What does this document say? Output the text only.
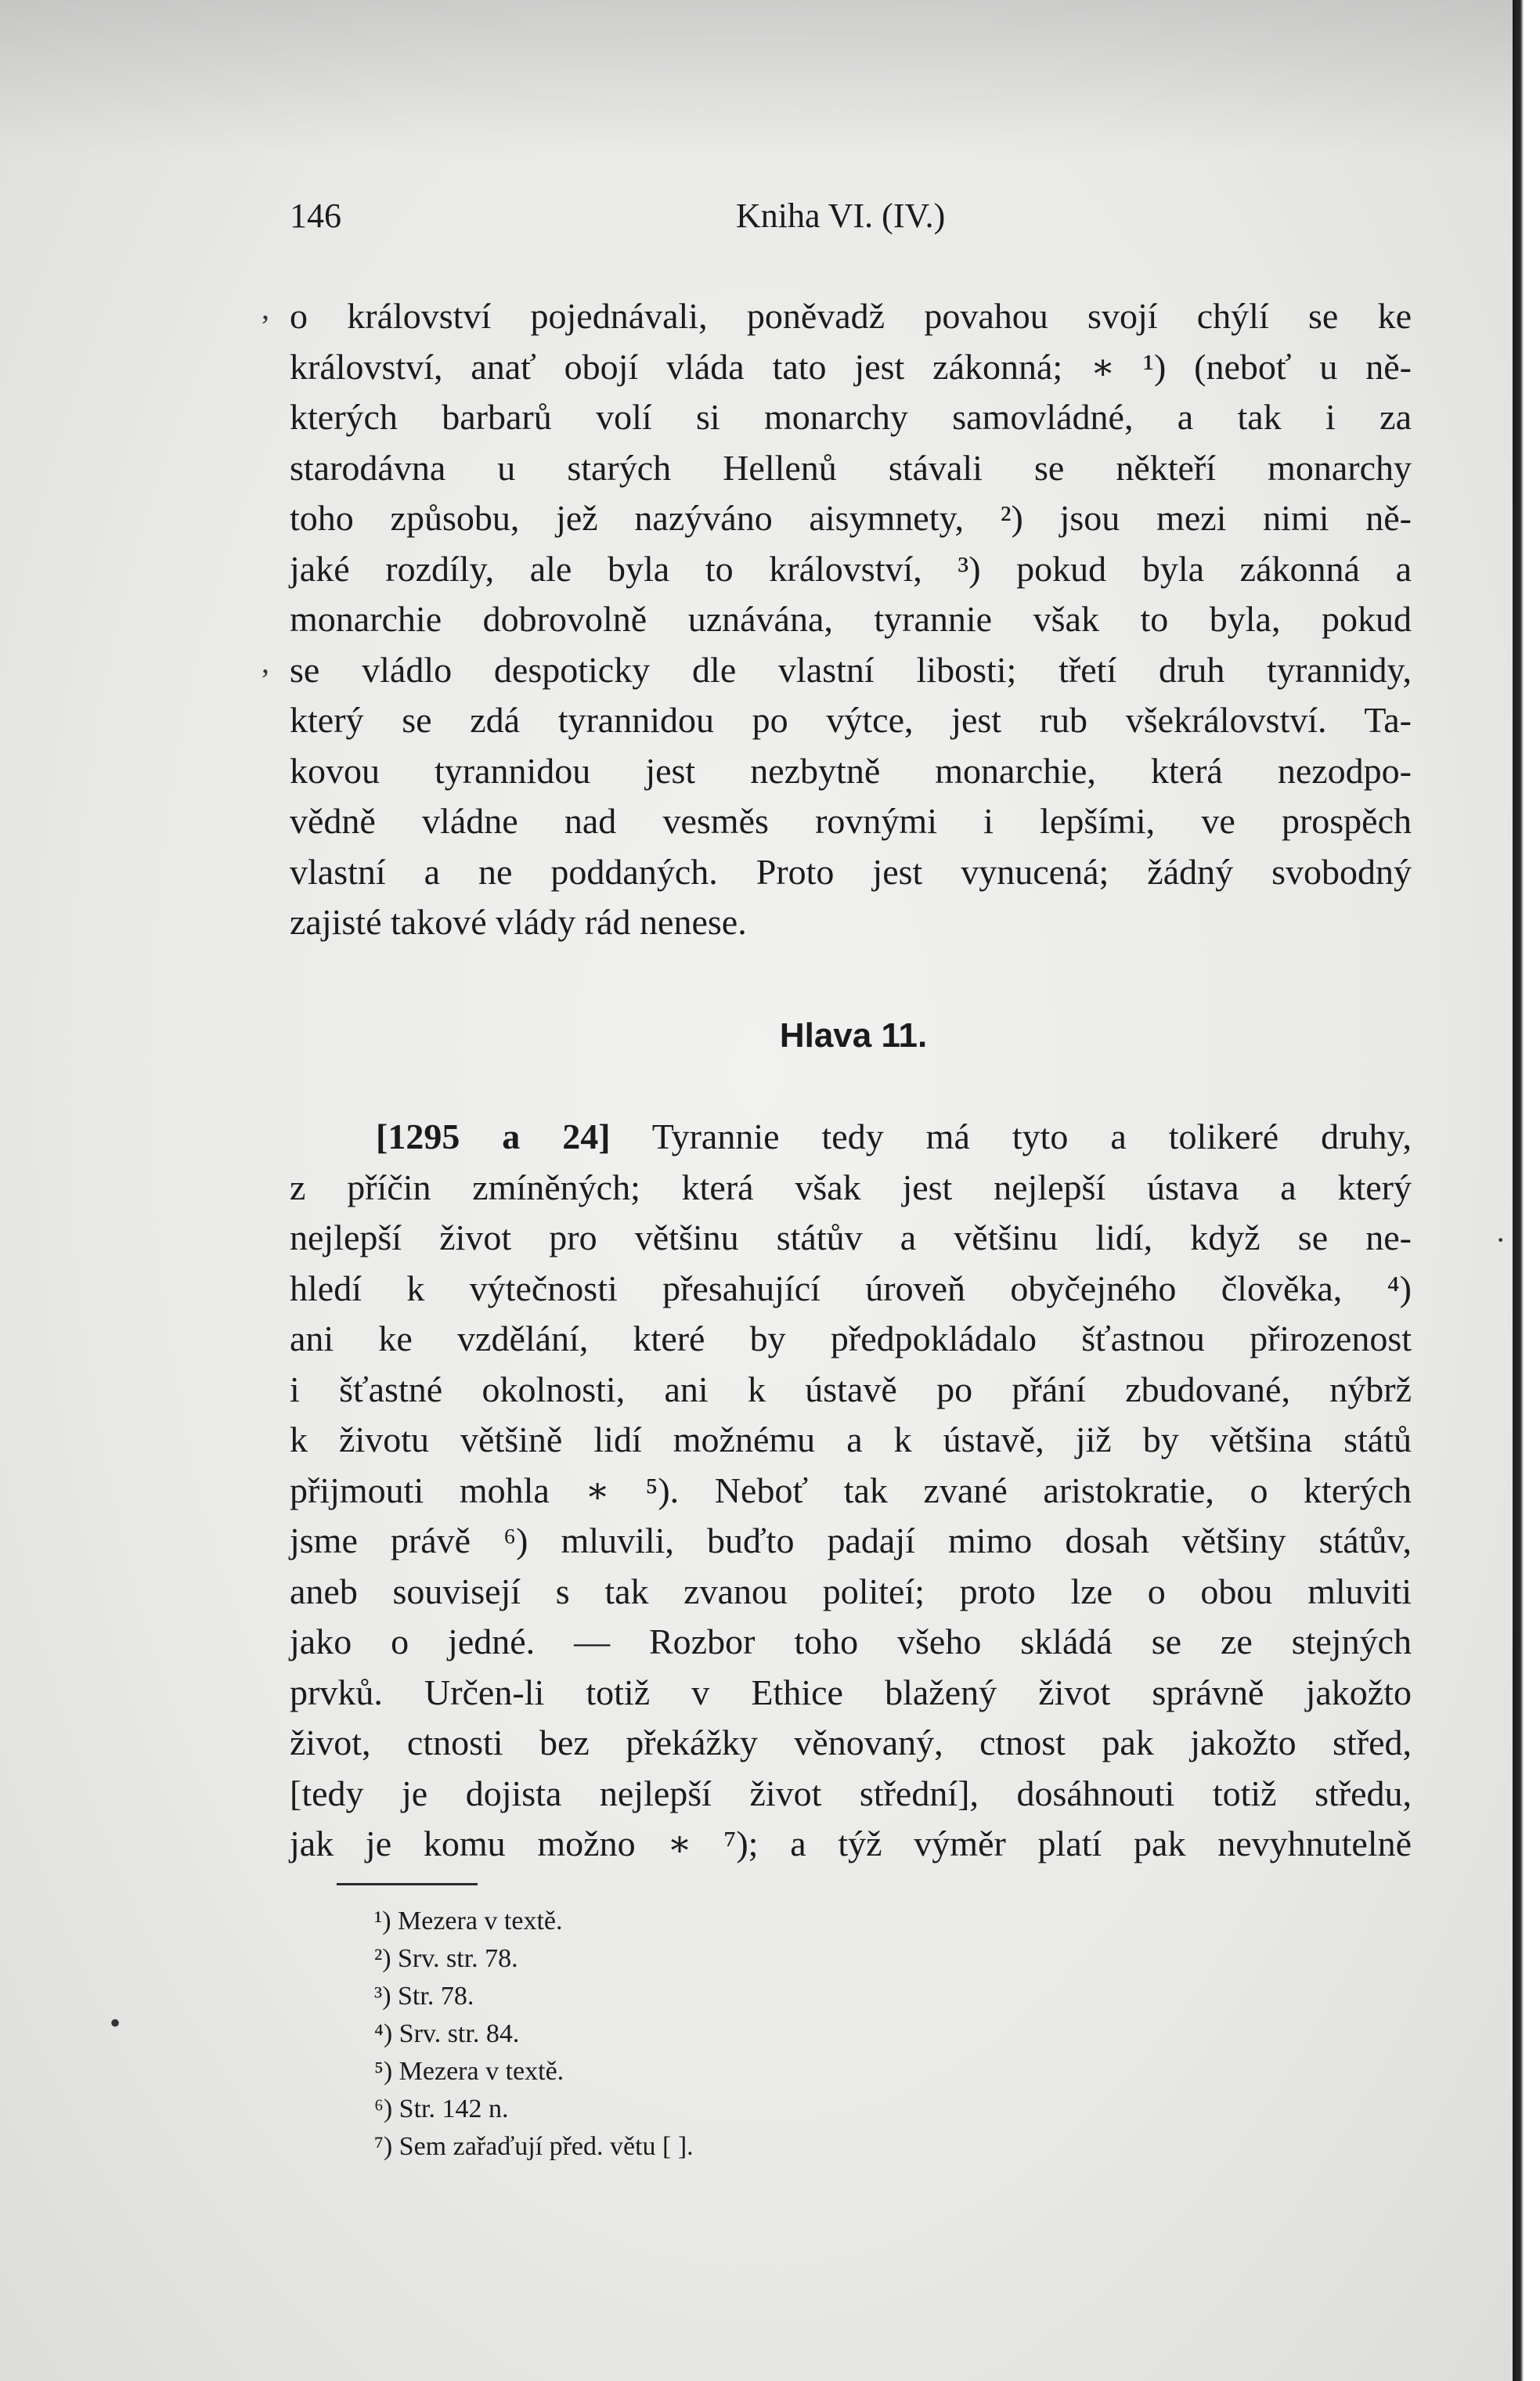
146	Kniha VI. (IV.)
,
,
o království pojednávali, poněvadž povahou svojí chýlí se ke
království, anať obojí vláda tato jest zákonná; ∗ ¹) (neboť u ně-
kterých barbarů volí si monarchy samovládné, a tak i za
starodávna u starých Hellenů stávali se někteří monarchy
toho způsobu, jež nazýváno aisymnety, ²) jsou mezi nimi ně-
jaké rozdíly, ale byla to království, ³) pokud byla zákonná a
monarchie dobrovolně uznávána, tyrannie však to byla, pokud
se vládlo despoticky dle vlastní libosti; třetí druh tyrannidy,
který se zdá tyrannidou po výtce, jest rub všekrálovství. Ta-
kovou tyrannidou jest nezbytně monarchie, která nezodpo-
vědně vládne nad vesměs rovnými i lepšími, ve prospěch
vlastní a ne poddaných. Proto jest vynucená; žádný svobodný
zajisté takové vlády rád nenese.
Hlava 11.
[1295 a 24] Tyrannie tedy má tyto a tolikeré druhy,
z příčin zmíněných; která však jest nejlepší ústava a který
nejlepší život pro většinu státův a většinu lidí, když se ne-
hledí k výtečnosti přesahující úroveň obyčejného člověka, ⁴)
ani ke vzdělání, které by předpokládalo šťastnou přirozenost
i šťastné okolnosti, ani k ústavě po přání zbudované, nýbrž
k životu většině lidí možnému a k ústavě, již by většina států
přijmouti mohla ∗ ⁵). Neboť tak zvané aristokratie, o kterých
jsme právě ⁶) mluvili, buďto padají mimo dosah většiny státův,
aneb souvisejí s tak zvanou politeí; proto lze o obou mluviti
jako o jedné. — Rozbor toho všeho skládá se ze stejných
prvků. Určen-li totiž v Ethice blažený život správně jakožto
život, ctnosti bez překážky věnovaný, ctnost pak jakožto střed,
[tedy je dojista nejlepší život střední], dosáhnouti totiž středu,
jak je komu možno ∗ ⁷); a týž výměr platí pak nevyhnutelně
·
•
¹) Mezera v textě.
²) Srv. str. 78.
³) Str. 78.
⁴) Srv. str. 84.
⁵) Mezera v textě.
⁶) Str. 142 n.
⁷) Sem zařaďují před. větu [ ].
